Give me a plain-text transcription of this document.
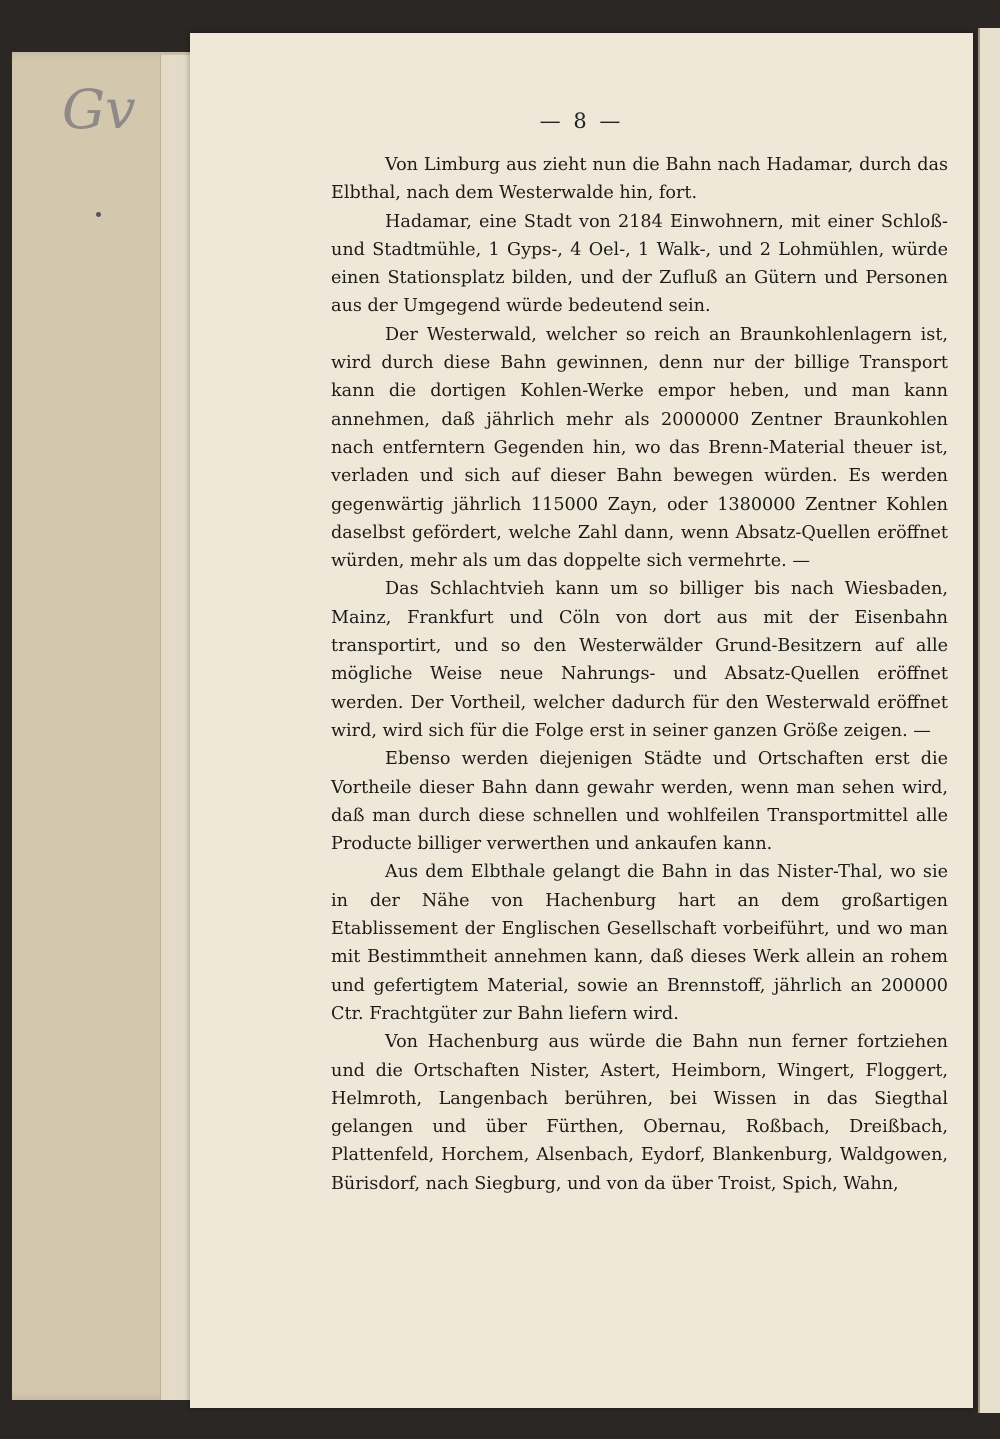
Gv	— 8 —

Von Limburg aus zieht nun die Bahn nach Hadamar, durch das Elbthal, nach dem Westerwalde hin, fort.

Hadamar, eine Stadt von 2184 Einwohnern, mit einer Schloß- und Stadtmühle, 1 Gyps-, 4 Oel-, 1 Walk-, und 2 Lohmühlen, würde einen Stationsplatz bilden, und der Zufluß an Gütern und Personen aus der Umgegend würde bedeutend sein.

Der Westerwald, welcher so reich an Braunkohlenlagern ist, wird durch diese Bahn gewinnen, denn nur der billige Transport kann die dortigen Kohlen-Werke empor heben, und man kann annehmen, daß jährlich mehr als 2000000 Zentner Braunkohlen nach entferntern Gegenden hin, wo das Brenn-Material theuer ist, verladen und sich auf dieser Bahn bewegen würden. Es werden gegenwärtig jährlich 115000 Zayn, oder 1380000 Zentner Kohlen daselbst gefördert, welche Zahl dann, wenn Absatz-Quellen eröffnet würden, mehr als um das doppelte sich vermehrte. —

Das Schlachtvieh kann um so billiger bis nach Wiesbaden, Mainz, Frankfurt und Cöln von dort aus mit der Eisenbahn transportirt, und so den Westerwälder Grund-Besitzern auf alle mögliche Weise neue Nahrungs- und Absatz-Quellen eröffnet werden. Der Vortheil, welcher dadurch für den Westerwald eröffnet wird, wird sich für die Folge erst in seiner ganzen Größe zeigen. —

Ebenso werden diejenigen Städte und Ortschaften erst die Vortheile dieser Bahn dann gewahr werden, wenn man sehen wird, daß man durch diese schnellen und wohlfeilen Transportmittel alle Producte billiger verwerthen und ankaufen kann.

Aus dem Elbthale gelangt die Bahn in das Nister-Thal, wo sie in der Nähe von Hachenburg hart an dem großartigen Etablissement der Englischen Gesellschaft vorbeiführt, und wo man mit Bestimmtheit annehmen kann, daß dieses Werk allein an rohem und gefertigtem Material, sowie an Brennstoff, jährlich an 200000 Ctr. Frachtgüter zur Bahn liefern wird.

Von Hachenburg aus würde die Bahn nun ferner fortziehen und die Ortschaften Nister, Astert, Heimborn, Wingert, Floggert, Helmroth, Langenbach berühren, bei Wissen in das Siegthal gelangen und über Fürthen, Obernau, Roßbach, Dreißbach, Plattenfeld, Horchem, Alsenbach, Eydorf, Blankenburg, Waldgowen, Bürisdorf, nach Siegburg, und von da über Troist, Spich, Wahn,
